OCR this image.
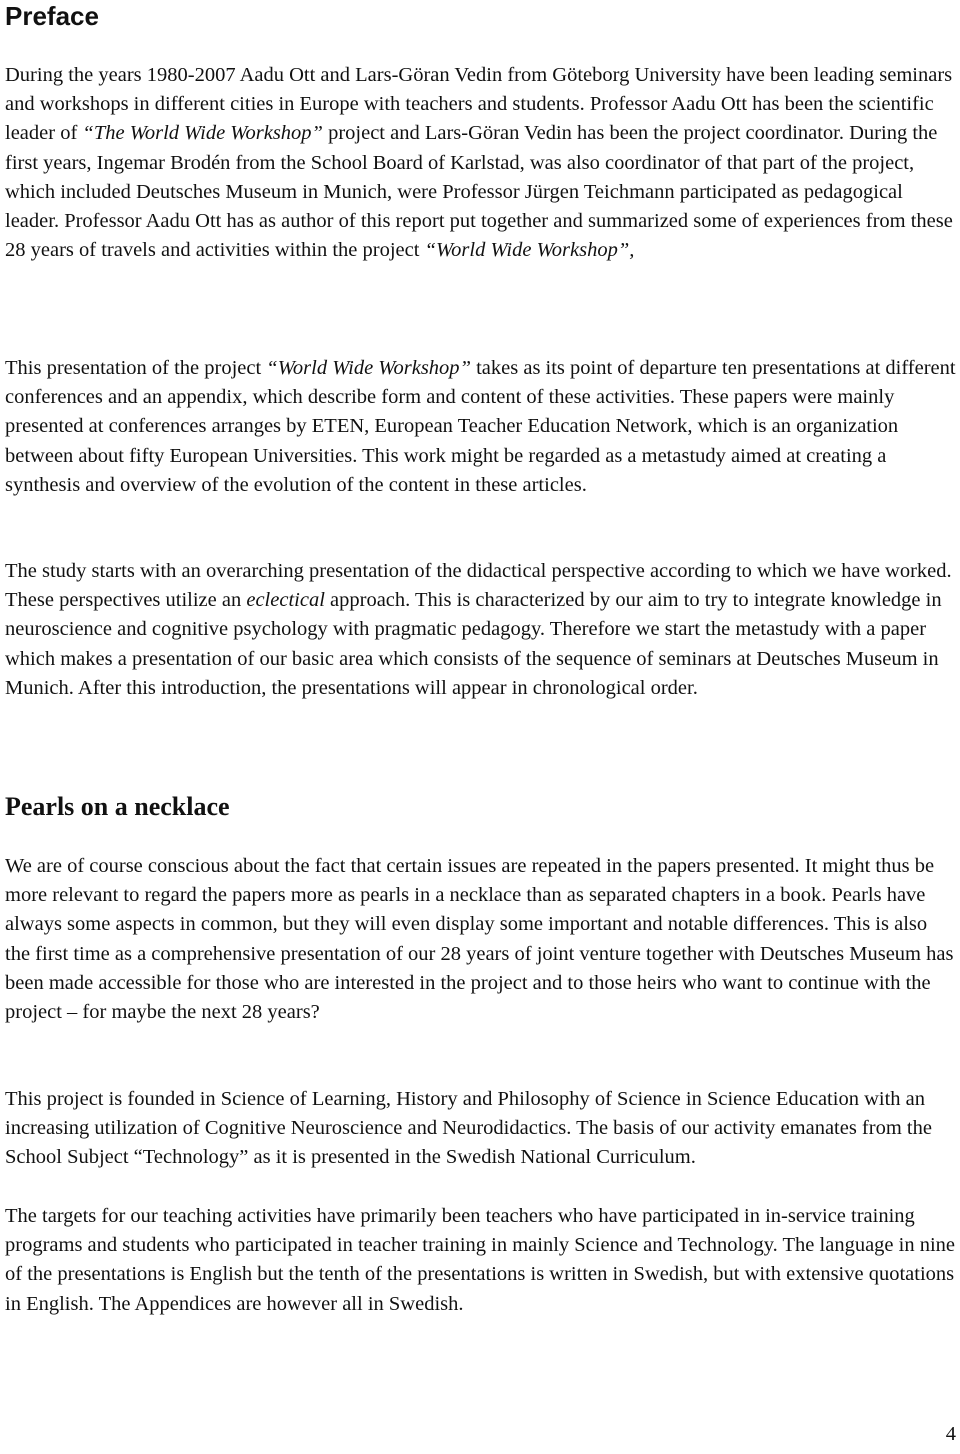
Preface

During the years 1980-2007 Aadu Ott and Lars-Göran Vedin from Göteborg University have been leading seminars and workshops in different cities in Europe with teachers and students. Professor Aadu Ott has been the scientific leader of “The World Wide Workshop” project and Lars-Göran Vedin has been the project coordinator. During the first years, Ingemar Brodén from the School Board of Karlstad, was also coordinator of that part of the project, which included Deutsches Museum in Munich, were Professor Jürgen Teichmann participated as pedagogical leader. Professor Aadu Ott has as author of this report put together and summarized some of experiences from these 28 years of travels and activities within the project “World Wide Workshop”,

This presentation of the project “World Wide Workshop” takes as its point of departure ten presentations at different conferences and an appendix, which describe form and content of these activities. These papers were mainly presented at conferences arranges by ETEN, European Teacher Education Network, which is an organization between about fifty European Universities. This work might be regarded as a metastudy aimed at creating a synthesis and overview of the evolution of the content in these articles.

The study starts with an overarching presentation of the didactical perspective according to which we have worked. These perspectives utilize an eclectical approach. This is characterized by our aim to try to integrate knowledge in neuroscience and cognitive psychology with pragmatic pedagogy. Therefore we start the metastudy with a paper which makes a presentation of our basic area which consists of the sequence of seminars at Deutsches Museum in Munich. After this introduction, the presentations will appear in chronological order.

Pearls on a necklace

We are of course conscious about the fact that certain issues are repeated in the papers presented. It might thus be more relevant to regard the papers more as pearls in a necklace than as separated chapters in a book. Pearls have always some aspects in common, but they will even display some important and notable differences. This is also the first time as a comprehensive presentation of our 28 years of joint venture together with Deutsches Museum has been made accessible for those who are interested in the project and to those heirs who want to continue with the project – for maybe the next 28 years?

This project is founded in Science of Learning, History and Philosophy of Science in Science Education with an increasing utilization of Cognitive Neuroscience and Neurodidactics. The basis of our activity emanates from the School Subject “Technology” as it is presented in the Swedish National Curriculum.

The targets for our teaching activities have primarily been teachers who have participated in in-service training programs and students who participated in teacher training in mainly Science and Technology. The language in nine of the presentations is English but the tenth of the presentations is written in Swedish, but with extensive quotations in English. The Appendices are however all in Swedish.

4
